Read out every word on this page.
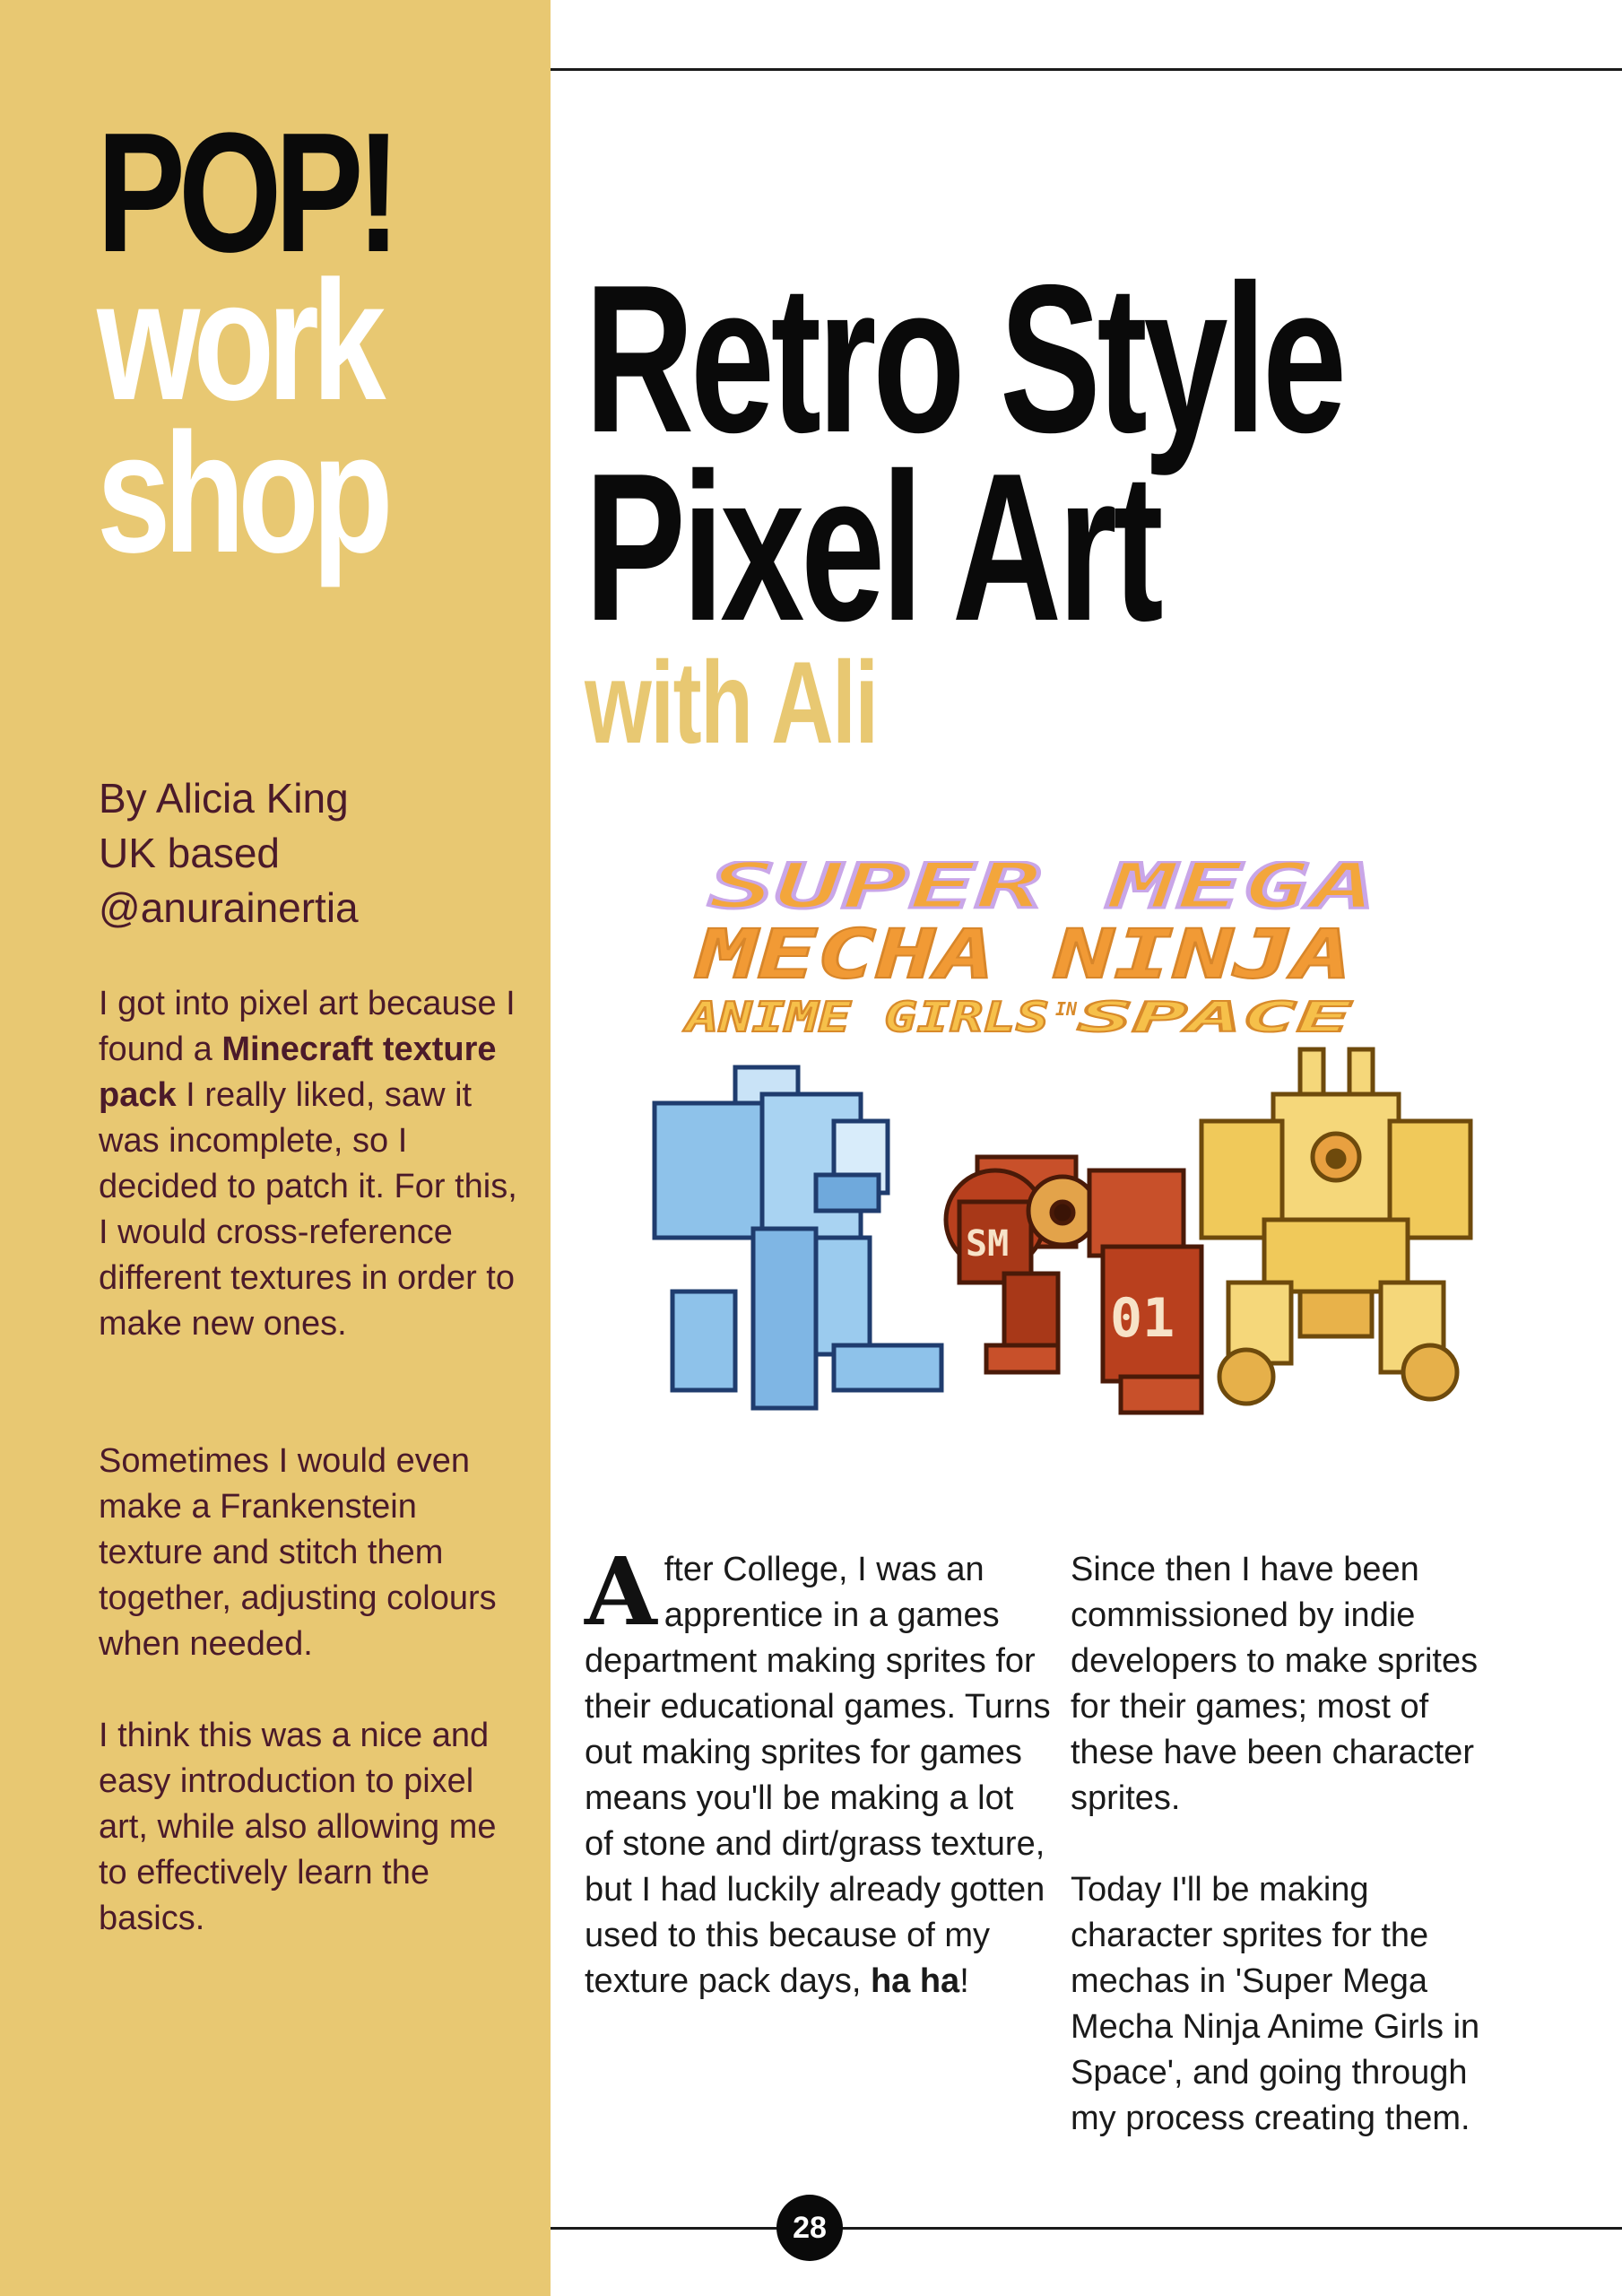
POP!
work
shop
By Alicia King
UK based
@anurainertia
I got into pixel art because I found a Minecraft texture pack I really liked, saw it was incomplete, so I decided to patch it. For this, I would cross-reference different textures in order to make new ones.
Sometimes I would even make a Frankenstein texture and stitch them together, adjusting colours when needed.
I think this was a nice and easy introduction to pixel art, while also allowing me to effectively learn the basics.
Retro Style
Pixel Art
with Ali
SUPER MEGA
MECHA NINJA
ANIME GIRLS IN SPACE
SM
01
After College, I was an apprentice in a games department making sprites for their educational games. Turns out making sprites for games means you'll be making a lot of stone and dirt/grass texture, but I had luckily already gotten used to this because of my texture pack days, ha ha!
Since then I have been commissioned by indie developers to make sprites for their games; most of these have been character sprites.
Today I'll be making character sprites for the mechas in 'Super Mega Mecha Ninja Anime Girls in Space', and going through my process creating them.
28
